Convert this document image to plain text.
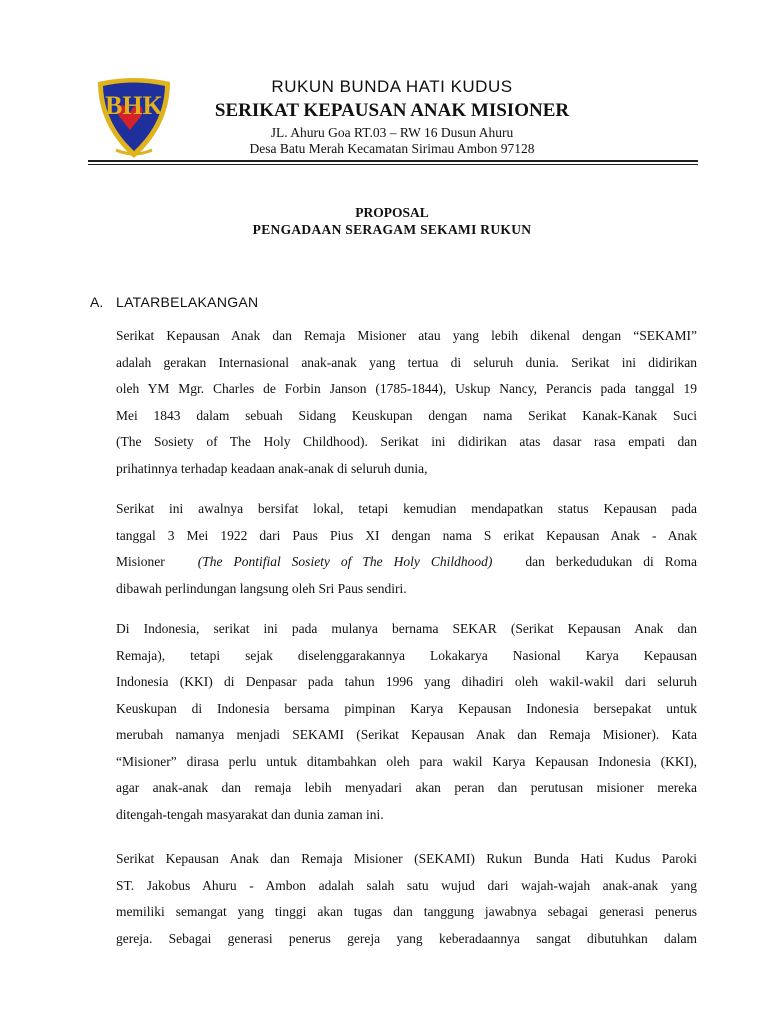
BHK
RUKUN BUNDA HATI KUDUS
SERIKAT KEPAUSAN ANAK MISIONER
JL. Ahuru Goa RT.03 – RW 16 Dusun Ahuru
Desa Batu Merah Kecamatan Sirimau Ambon 97128
PROPOSAL
PENGADAAN SERAGAM SEKAMI RUKUN
A. LATARBELAKANGAN
Serikat Kepausan Anak dan Remaja Misioner atau yang lebih dikenal dengan “SEKAMI”
adalah gerakan Internasional anak-anak yang tertua di seluruh dunia. Serikat ini didirikan
oleh YM Mgr. Charles de Forbin Janson (1785-1844), Uskup Nancy, Perancis pada tanggal 19
Mei 1843 dalam sebuah Sidang Keuskupan dengan nama Serikat Kanak-Kanak Suci
(The Sosiety of The Holy Childhood). Serikat ini didirikan atas dasar rasa empati dan
prihatinnya terhadap keadaan anak-anak di seluruh dunia,
Serikat ini awalnya bersifat lokal, tetapi kemudian mendapatkan status Kepausan pada
tanggal 3 Mei 1922 dari Paus Pius XI dengan nama S erikat Kepausan Anak - Anak
Misioner (The Pontifial Sosiety of The Holy Childhood) dan berkedudukan di Roma
dibawah perlindungan langsung oleh Sri Paus sendiri.
Di Indonesia, serikat ini pada mulanya bernama SEKAR (Serikat Kepausan Anak dan
Remaja), tetapi sejak diselenggarakannya Lokakarya Nasional Karya Kepausan
Indonesia (KKI) di Denpasar pada tahun 1996 yang dihadiri oleh wakil-wakil dari seluruh
Keuskupan di Indonesia bersama pimpinan Karya Kepausan Indonesia bersepakat untuk
merubah namanya menjadi SEKAMI (Serikat Kepausan Anak dan Remaja Misioner). Kata
“Misioner” dirasa perlu untuk ditambahkan oleh para wakil Karya Kepausan Indonesia (KKI),
agar anak-anak dan remaja lebih menyadari akan peran dan perutusan misioner mereka
ditengah-tengah masyarakat dan dunia zaman ini.
Serikat Kepausan Anak dan Remaja Misioner (SEKAMI) Rukun Bunda Hati Kudus Paroki
ST. Jakobus Ahuru - Ambon adalah salah satu wujud dari wajah-wajah anak-anak yang
memiliki semangat yang tinggi akan tugas dan tanggung jawabnya sebagai generasi penerus
gereja. Sebagai generasi penerus gereja yang keberadaannya sangat dibutuhkan dalam
